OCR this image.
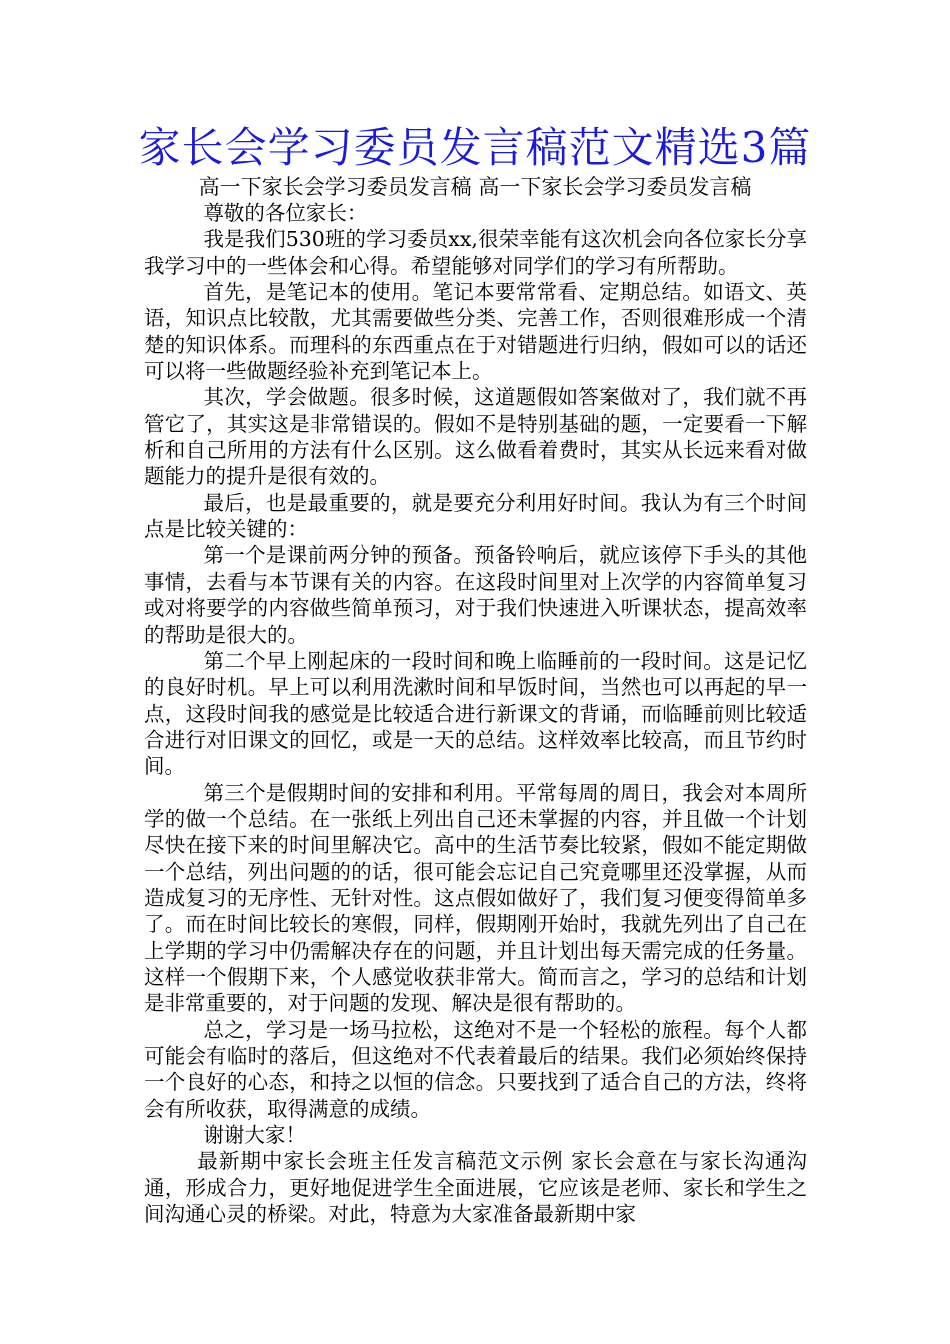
家长会学习委员发言稿范文精选3篇
高一下家长会学习委员发言稿 高一下家长会学习委员发言稿

尊敬的各位家长：

我是我们530班的学习委员xx,很荣幸能有这次机会向各位家长分享我学习中的一些体会和心得。希望能够对同学们的学习有所帮助。

首先，是笔记本的使用。笔记本要常常看、定期总结。如语文、英语，知识点比较散，尤其需要做些分类、完善工作，否则很难形成一个清楚的知识体系。而理科的东西重点在于对错题进行归纳，假如可以的话还可以将一些做题经验补充到笔记本上。

其次，学会做题。很多时候，这道题假如答案做对了，我们就不再管它了，其实这是非常错误的。假如不是特别基础的题，一定要看一下解析和自己所用的方法有什么区别。这么做看着费时，其实从长远来看对做题能力的提升是很有效的。

最后，也是最重要的，就是要充分利用好时间。我认为有三个时间点是比较关键的：

第一个是课前两分钟的预备。预备铃响后，就应该停下手头的其他事情，去看与本节课有关的内容。在这段时间里对上次学的内容简单复习或对将要学的内容做些简单预习，对于我们快速进入听课状态，提高效率的帮助是很大的。

第二个早上刚起床的一段时间和晚上临睡前的一段时间。这是记忆的良好时机。早上可以利用洗漱时间和早饭时间，当然也可以再起的早一点，这段时间我的感觉是比较适合进行新课文的背诵，而临睡前则比较适合进行对旧课文的回忆，或是一天的总结。这样效率比较高，而且节约时间。

第三个是假期时间的安排和利用。平常每周的周日，我会对本周所学的做一个总结。在一张纸上列出自己还未掌握的内容，并且做一个计划尽快在接下来的时间里解决它。高中的生活节奏比较紧，假如不能定期做一个总结，列出问题的的话，很可能会忘记自己究竟哪里还没掌握，从而造成复习的无序性、无针对性。这点假如做好了，我们复习便变得简单多了。而在时间比较长的寒假，同样，假期刚开始时，我就先列出了自己在上学期的学习中仍需解决存在的问题，并且计划出每天需完成的任务量。这样一个假期下来，个人感觉收获非常大。简而言之，学习的总结和计划是非常重要的，对于问题的发现、解决是很有帮助的。

总之，学习是一场马拉松，这绝对不是一个轻松的旅程。每个人都可能会有临时的落后，但这绝对不代表着最后的结果。我们必须始终保持一个良好的心态，和持之以恒的信念。只要找到了适合自己的方法，终将会有所收获，取得满意的成绩。

谢谢大家！

最新期中家长会班主任发言稿范文示例 家长会意在与家长沟通沟通，形成合力，更好地促进学生全面进展，它应该是老师、家长和学生之间沟通心灵的桥梁。对此，特意为大家准备最新期中家
